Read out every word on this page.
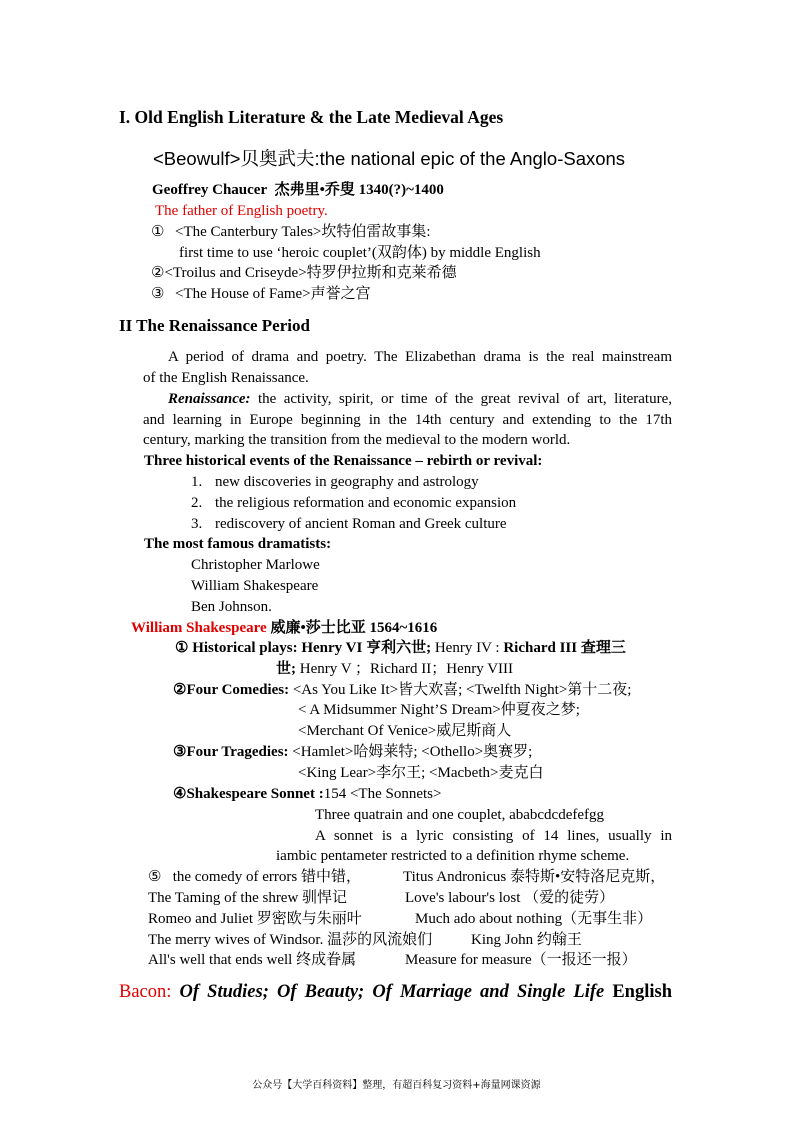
I. Old English Literature & the Late Medieval Ages
<Beowulf>贝奥武夫:the national epic of the Anglo-Saxons
Geoffrey Chaucer 杰弗里•乔叟 1340(?)~1400
The father of English poetry.
① <The Canterbury Tales>坎特伯雷故事集:
first time to use ‘heroic couplet’(双韵体) by middle English
②<Troilus and Criseyde>特罗伊拉斯和克莱希德
③ <The House of Fame>声誉之宫
II The Renaissance Period
A period of drama and poetry. The Elizabethan drama is the real mainstream
of the English Renaissance.
Renaissance: the activity, spirit, or time of the great revival of art, literature,
and learning in Europe beginning in the 14th century and extending to the 17th
century, marking the transition from the medieval to the modern world.
Three historical events of the Renaissance – rebirth or revival:
1. new discoveries in geography and astrology
2. the religious reformation and economic expansion
3. rediscovery of ancient Roman and Greek culture
The most famous dramatists:
Christopher Marlowe
William Shakespeare
Ben Johnson.
William Shakespeare 威廉•莎士比亚 1564~1616
① Historical plays: Henry VI 亨利六世; Henry IV : Richard III 查理三
世; Henry V ；Richard II；Henry VIII
②Four Comedies: <As You Like It>皆大欢喜; <Twelfth Night>第十二夜;
< A Midsummer Night’S Dream>仲夏夜之梦;
<Merchant Of Venice>威尼斯商人
③Four Tragedies: <Hamlet>哈姆莱特; <Othello>奥赛罗;
<King Lear>李尔王; <Macbeth>麦克白
④Shakespeare Sonnet :154 <The Sonnets>
Three quatrain and one couplet, ababcdcdefefgg
A sonnet is a lyric consisting of 14 lines, usually in
iambic pentameter restricted to a definition rhyme scheme.
⑤ the comedy of errors 错中错，	Titus Andronicus 泰特斯•安特洛尼克斯，
The Taming of the shrew 驯悍记	Love's labour's lost （爱的徒劳）
Romeo and Juliet 罗密欧与朱丽叶	Much ado about nothing（无事生非）
The merry wives of Windsor. 温莎的风流娘们	King John 约翰王
All's well that ends well 终成眷属	Measure for measure（一报还一报）
Bacon: Of Studies; Of Beauty; Of Marriage and Single Life English
公众号【大学百科资料】整理，有超百科复习资料+海量网课资源
